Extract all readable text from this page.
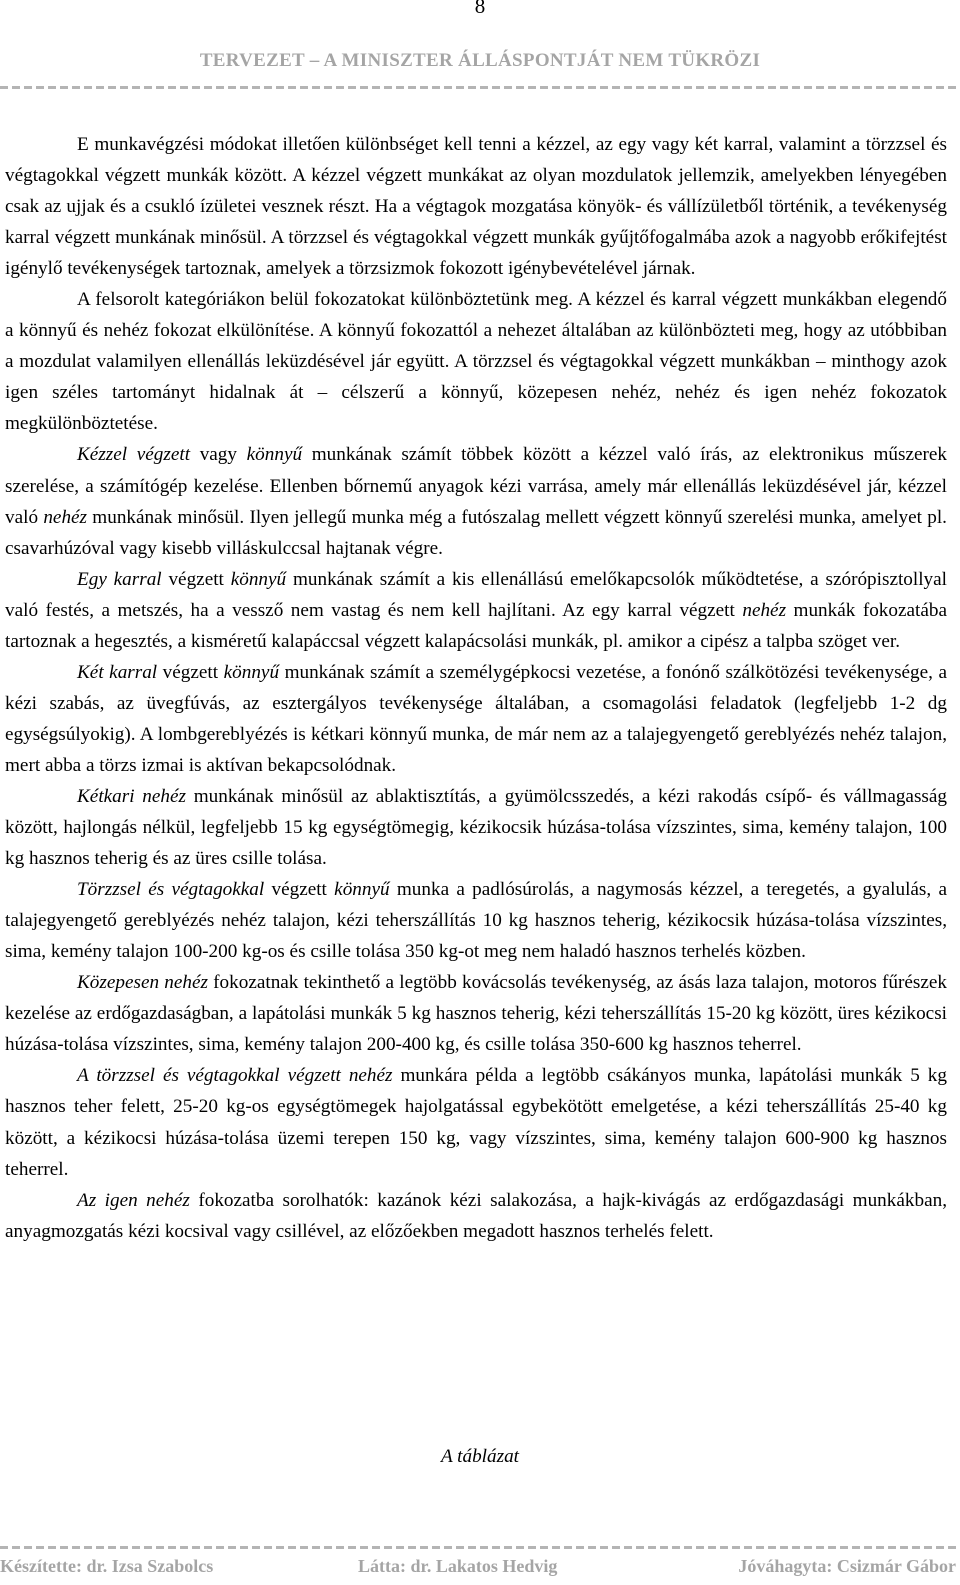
8
TERVEZET – A MINISZTER ÁLLÁSPONTJÁT NEM TÜKRÖZI

E munkavégzési módokat illetően különbséget kell tenni a kézzel, az egy vagy két karral, valamint a törzzsel és végtagokkal végzett munkák között. A kézzel végzett munkákat az olyan mozdulatok jellemzik, amelyekben lényegében csak az ujjak és a csukló ízületei vesznek részt. Ha a végtagok mozgatása könyök- és vállízületből történik, a tevékenység karral végzett munkának minősül. A törzzsel és végtagokkal végzett munkák gyűjtőfogalmába azok a nagyobb erőkifejtést igénylő tevékenységek tartoznak, amelyek a törzsizmok fokozott igénybevételével járnak.

A felsorolt kategóriákon belül fokozatokat különböztetünk meg. A kézzel és karral végzett munkákban elegendő a könnyű és nehéz fokozat elkülönítése. A könnyű fokozattól a nehezet általában az különbözteti meg, hogy az utóbbiban a mozdulat valamilyen ellenállás leküzdésével jár együtt. A törzzsel és végtagokkal végzett munkákban – minthogy azok igen széles tartományt hidalnak át – célszerű a könnyű, közepesen nehéz, nehéz és igen nehéz fokozatok megkülönböztetése.

Kézzel végzett vagy könnyű munkának számít többek között a kézzel való írás, az elektronikus műszerek szerelése, a számítógép kezelése. Ellenben bőrnemű anyagok kézi varrása, amely már ellenállás leküzdésével jár, kézzel való nehéz munkának minősül. Ilyen jellegű munka még a futószalag mellett végzett könnyű szerelési munka, amelyet pl. csavarhúzóval vagy kisebb villáskulccsal hajtanak végre.

Egy karral végzett könnyű munkának számít a kis ellenállású emelőkapcsolók működtetése, a szórópisztollyal való festés, a metszés, ha a vessző nem vastag és nem kell hajlítani. Az egy karral végzett nehéz munkák fokozatába tartoznak a hegesztés, a kisméretű kalapáccsal végzett kalapácsolási munkák, pl. amikor a cipész a talpba szöget ver.

Két karral végzett könnyű munkának számít a személygépkocsi vezetése, a fonónő szálkötözési tevékenysége, a kézi szabás, az üvegfúvás, az esztergályos tevékenysége általában, a csomagolási feladatok (legfeljebb 1-2 dg egységsúlyokig). A lombgereblyézés is kétkari könnyű munka, de már nem az a talajegyengető gereblyézés nehéz talajon, mert abba a törzs izmai is aktívan bekapcsolódnak.

Kétkari nehéz munkának minősül az ablaktisztítás, a gyümölcsszedés, a kézi rakodás csípő- és vállmagasság között, hajlongás nélkül, legfeljebb 15 kg egységtömegig, kézikocsik húzása-tolása vízszintes, sima, kemény talajon, 100 kg hasznos teherig és az üres csille tolása.

Törzzsel és végtagokkal végzett könnyű munka a padlósúrolás, a nagymosás kézzel, a teregetés, a gyalulás, a talajegyengető gereblyézés nehéz talajon, kézi teherszállítás 10 kg hasznos teherig, kézikocsik húzása-tolása vízszintes, sima, kemény talajon 100-200 kg-os és csille tolása 350 kg-ot meg nem haladó hasznos terhelés közben.

Közepesen nehéz fokozatnak tekinthető a legtöbb kovácsolás tevékenység, az ásás laza talajon, motoros fűrészek kezelése az erdőgazdaságban, a lapátolási munkák 5 kg hasznos teherig, kézi teherszállítás 15-20 kg között, üres kézikocsi húzása-tolása vízszintes, sima, kemény talajon 200-400 kg, és csille tolása 350-600 kg hasznos teherrel.

A törzzsel és végtagokkal végzett nehéz munkára példa a legtöbb csákányos munka, lapátolási munkák 5 kg hasznos teher felett, 25-20 kg-os egységtömegek hajolgatással egybekötött emelgetése, a kézi teherszállítás 25-40 kg között, a kézikocsi húzása-tolása üzemi terepen 150 kg, vagy vízszintes, sima, kemény talajon 600-900 kg hasznos teherrel.

Az igen nehéz fokozatba sorolhatók: kazánok kézi salakozása, a hajk-kivágás az erdőgazdasági munkákban, anyagmozgatás kézi kocsival vagy csillével, az előzőekben megadott hasznos terhelés felett.

A táblázat
Készítette: dr. Izsa Szabolcs	Látta: dr. Lakatos Hedvig	Jóváhagyta: Csizmár Gábor
